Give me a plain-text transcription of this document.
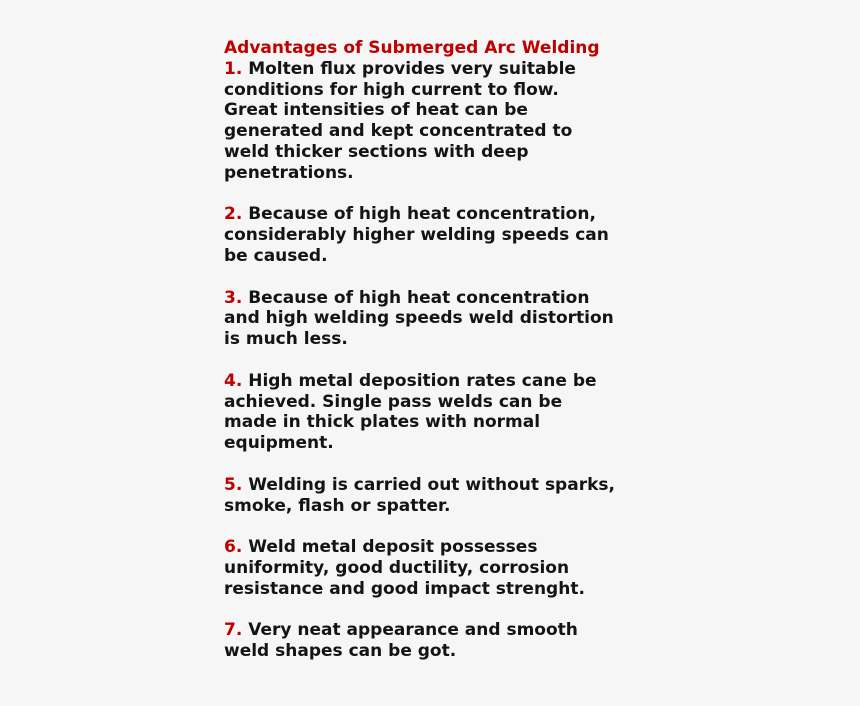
Advantages of Submerged Arc Welding

1. Molten flux provides very suitable
conditions for high current to flow.
Great intensities of heat can be
generated and kept concentrated to
weld thicker sections with deep
penetrations.

2. Because of high heat concentration,
considerably higher welding speeds can
be caused.

3. Because of high heat concentration
and high welding speeds weld distortion
is much less.

4. High metal deposition rates cane be
achieved. Single pass welds can be
made in thick plates with normal
equipment.

5. Welding is carried out without sparks,
smoke, flash or spatter.

6. Weld metal deposit possesses
uniformity, good ductility, corrosion
resistance and good impact strenght.

7. Very neat appearance and smooth
weld shapes can be got.
